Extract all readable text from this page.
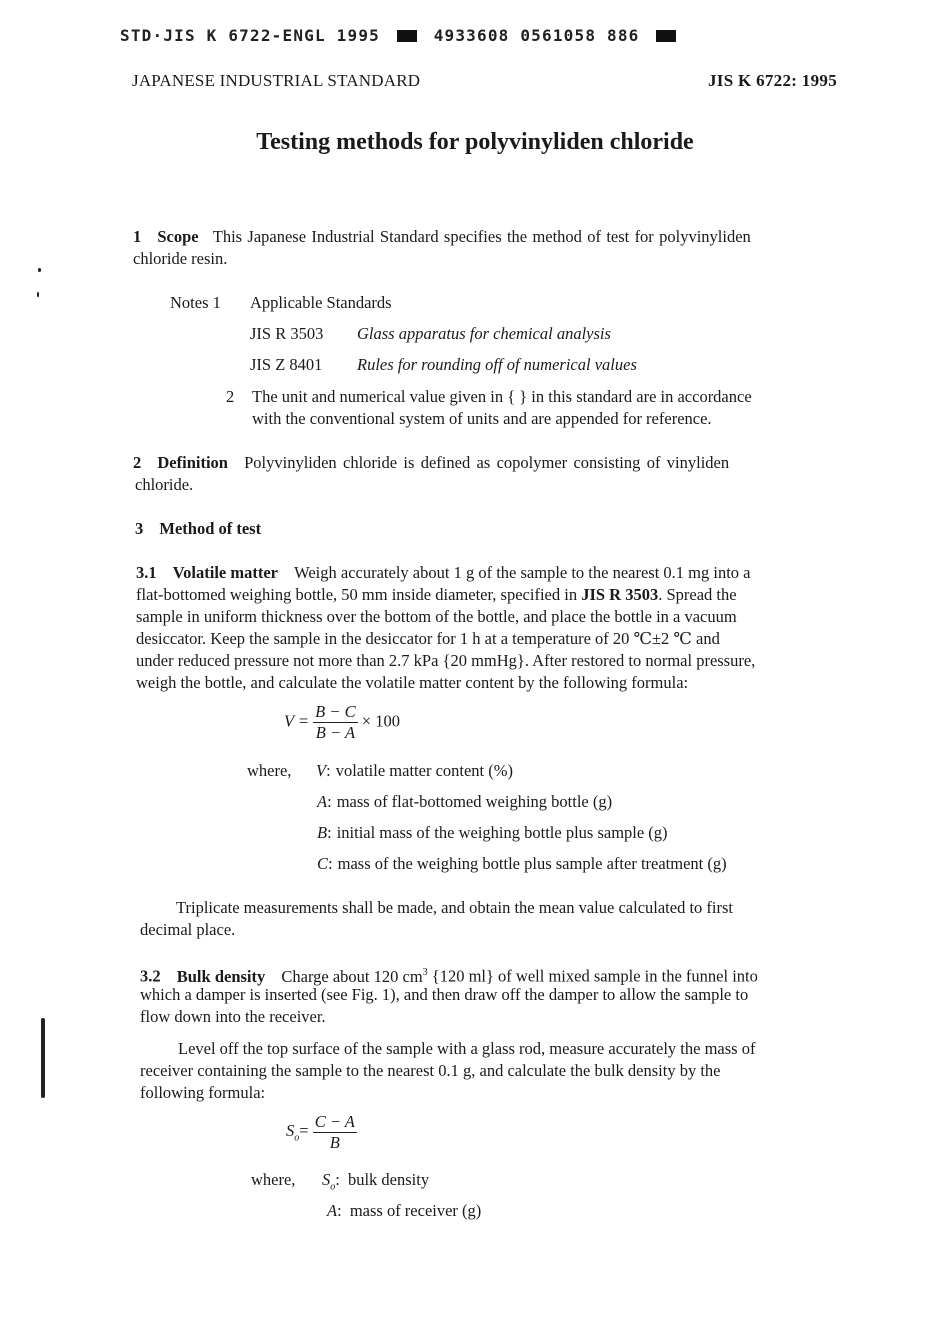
STD·JIS K 6722-ENGL 1995	4933608 0561058 886
JAPANESE INDUSTRIAL STANDARD	JIS K 6722: 1995
Testing methods for polyvinyliden chloride
1 Scope This Japanese Industrial Standard specifies the method of test for polyvinyliden
chloride resin.
Notes 1 Applicable Standards
JIS R 3503 Glass apparatus for chemical analysis
JIS Z 8401 Rules for rounding off of numerical values
2 The unit and numerical value given in { } in this standard are in accordance
with the conventional system of units and are appended for reference.
2 Definition Polyvinyliden chloride is defined as copolymer consisting of vinyliden
chloride.
3 Method of test
3.1 Volatile matter Weigh accurately about 1 g of the sample to the nearest 0.1 mg into a
flat-bottomed weighing bottle, 50 mm inside diameter, specified in JIS R 3503. Spread the
sample in uniform thickness over the bottom of the bottle, and place the bottle in a vacuum
desiccator. Keep the sample in the desiccator for 1 h at a temperature of 20 ℃±2 ℃ and
under reduced pressure not more than 2.7 kPa {20 mmHg}. After restored to normal pressure,
weigh the bottle, and calculate the volatile matter content by the following formula:
$V = \frac{B - C}{B - A} \times 100$
where, V: volatile matter content (%)
A: mass of flat-bottomed weighing bottle (g)
B: initial mass of the weighing bottle plus sample (g)
C: mass of the weighing bottle plus sample after treatment (g)
Triplicate measurements shall be made, and obtain the mean value calculated to first
decimal place.
3.2 Bulk density Charge about 120 $cm^3$ {120 ml} of well mixed sample in the funnel into
which a damper is inserted (see Fig. 1), and then draw off the damper to allow the sample to
flow down into the receiver.
Level off the top surface of the sample with a glass rod, measure accurately the mass of
receiver containing the sample to the nearest 0.1 g, and calculate the bulk density by the
following formula:
$S_o= \frac{C - A}{B}$
where, $S_o$: bulk density
A: mass of receiver (g)
